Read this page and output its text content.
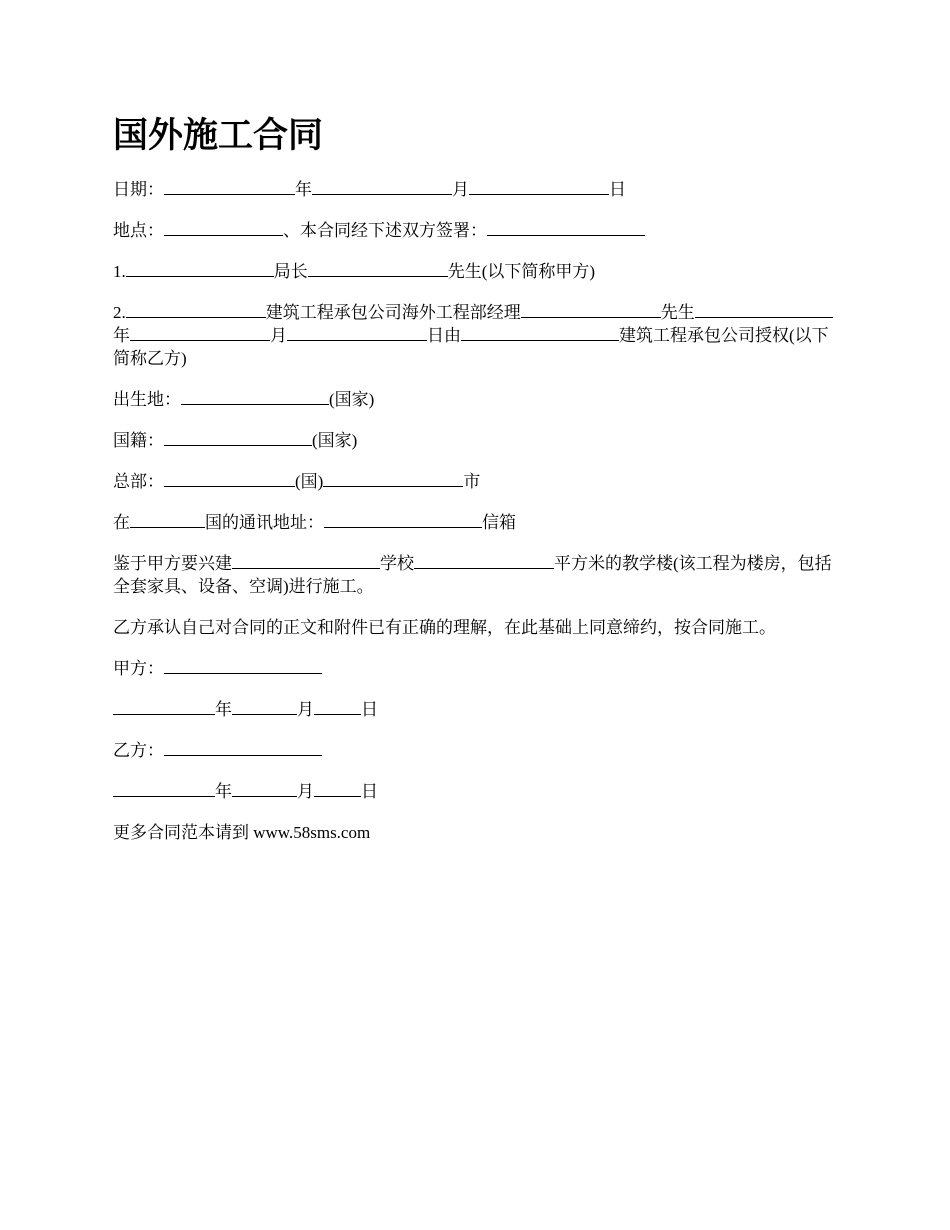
国外施工合同
日期：	年	月	日
地点：	、本合同经下述双方签署：
1.	局长	先生(以下简称甲方)
2.	建筑工程承包公司海外工程部经理	先生年	月	日由	建筑工程承包公司授权(以下简称乙方)
出生地：	(国家)
国籍：	(国家)
总部：	(国)	市
在	国的通讯地址：	信箱
鉴于甲方要兴建	学校	平方米的教学楼(该工程为楼房，包括全套家具、设备、空调)进行施工。
乙方承认自己对合同的正文和附件已有正确的理解，在此基础上同意缔约，按合同施工。
甲方：
年	月	日
乙方：
年	月	日
更多合同范本请到 www.58sms.com
